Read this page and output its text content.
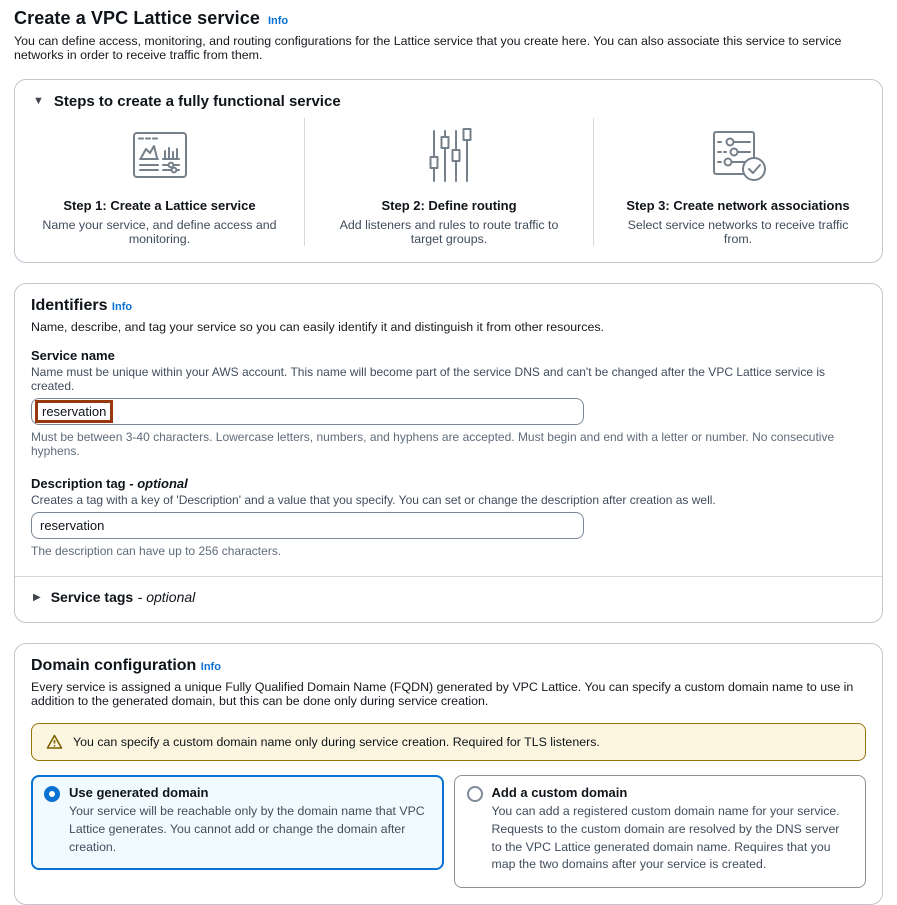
Create a VPC Lattice service Info

You can define access, monitoring, and routing configurations for the Lattice service that you create here. You can also associate this service to service networks in order to receive traffic from them.

▼ Steps to create a fully functional service
Step 1: Create a Lattice service
Name your service, and define access and monitoring.
Step 2: Define routing
Add listeners and rules to route traffic to target groups.
Step 3: Create network associations
Select service networks to receive traffic from.
Identifiers Info

Name, describe, and tag your service so you can easily identify it and distinguish it from other resources.

Service name
Name must be unique within your AWS account. This name will become part of the service DNS and can't be changed after the VPC Lattice service is created.
reservation
Must be between 3-40 characters. Lowercase letters, numbers, and hyphens are accepted. Must begin and end with a letter or number. No consecutive hyphens.
Description tag - optional
Creates a tag with a key of 'Description' and a value that you specify. You can set or change the description after creation as well.
reservation
The description can have up to 256 characters.
▶ Service tags - optional
Domain configuration Info

Every service is assigned a unique Fully Qualified Domain Name (FQDN) generated by VPC Lattice. You can specify a custom domain name to use in addition to the generated domain, but this can be done only during service creation.

You can specify a custom domain name only during service creation. Required for TLS listeners.
Use generated domain
Your service will be reachable only by the domain name that VPC Lattice generates. You cannot add or change the domain after creation.
Add a custom domain
You can add a registered custom domain name for your service. Requests to the custom domain are resolved by the DNS server to the VPC Lattice generated domain name. Requires that you map the two domains after your service is created.
